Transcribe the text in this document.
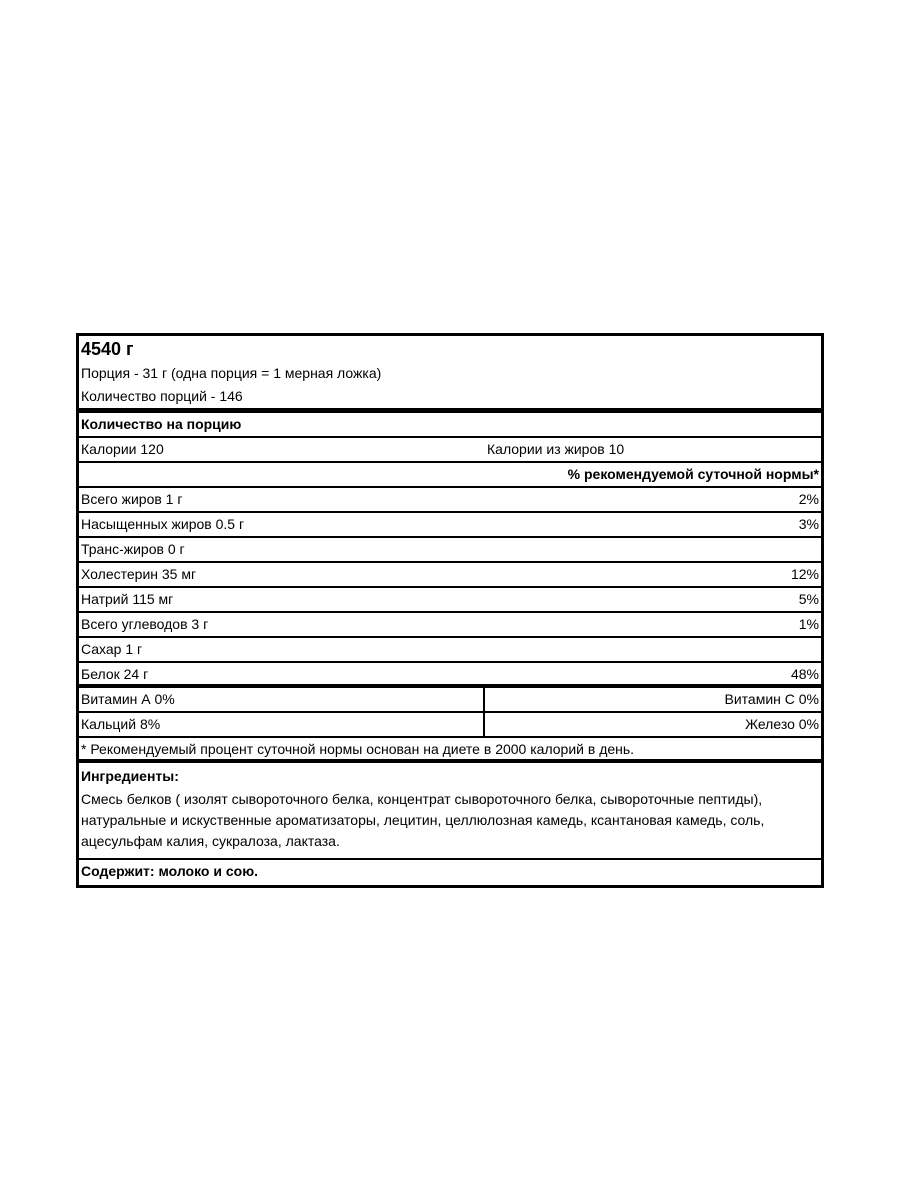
4540 г
Порция - 31 г (одна порция = 1 мерная ложка)
Количество порций - 146
Количество на порцию
Калории 120	Калории из жиров 10
% рекомендуемой суточной нормы*
Всего жиров 1 г	2%
Насыщенных жиров 0.5 г	3%
Транс-жиров 0 г
Холестерин 35 мг	12%
Натрий 115 мг	5%
Всего углеводов 3 г	1%
Сахар 1 г
Белок 24 г	48%
Витамин А 0%	Витамин С 0%
Кальций 8%	Железо 0%
* Рекомендуемый процент суточной нормы основан на диете в 2000 калорий в день.
Ингредиенты:
Смесь белков ( изолят сывороточного белка, концентрат сывороточного белка, сывороточные пептиды), натуральные и искуственные ароматизаторы, лецитин, целлюлозная камедь, ксантановая камедь, соль, ацесульфам калия, сукралоза, лактаза.
Содержит: молоко и сою.
